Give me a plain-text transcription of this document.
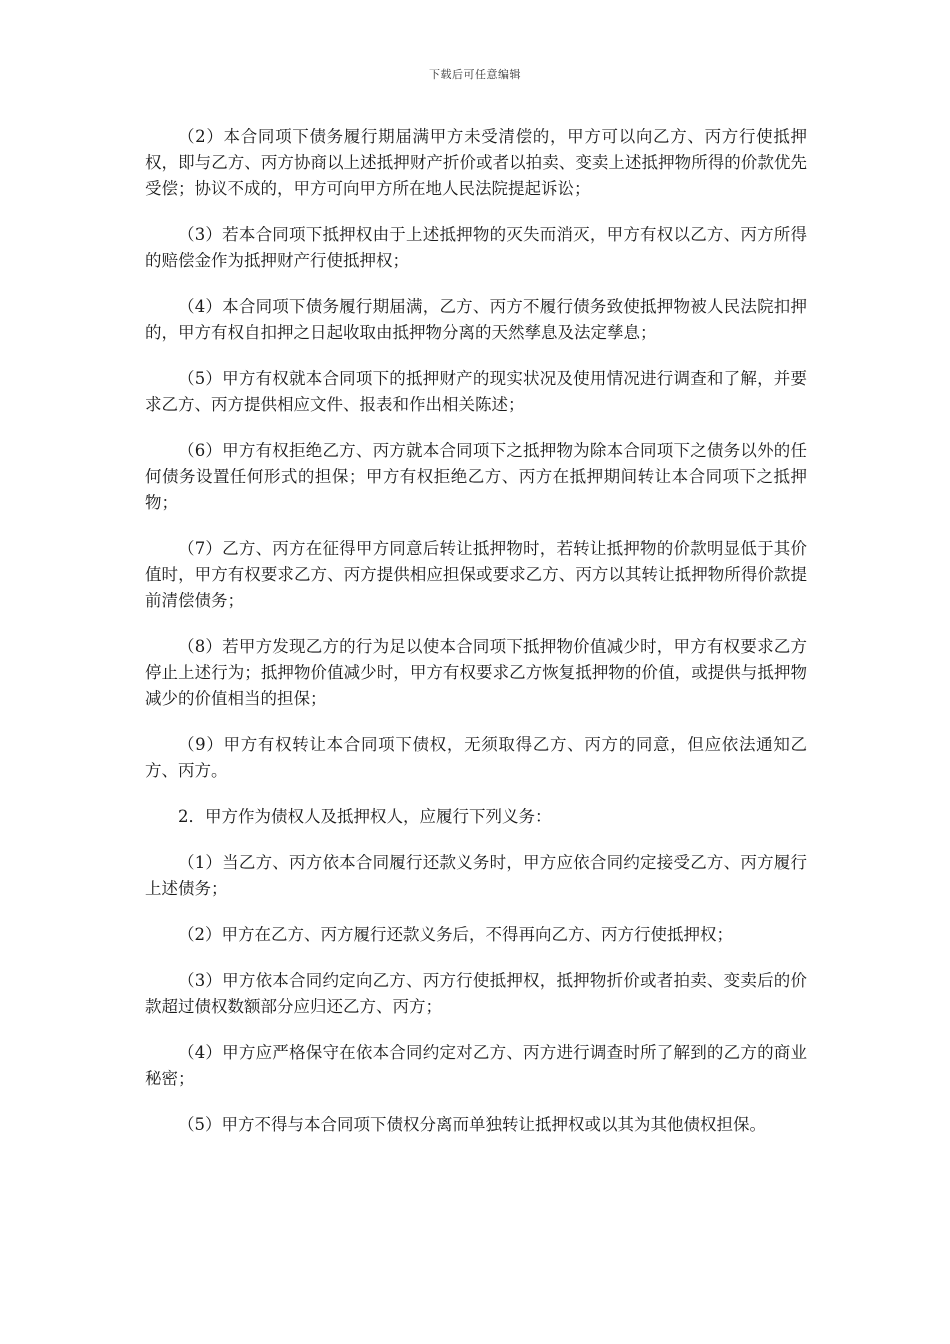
下载后可任意编辑

（2）本合同项下债务履行期届满甲方未受清偿的，甲方可以向乙方、丙方行使抵押权，即与乙方、丙方协商以上述抵押财产折价或者以拍卖、变卖上述抵押物所得的价款优先受偿；协议不成的，甲方可向甲方所在地人民法院提起诉讼；

（3）若本合同项下抵押权由于上述抵押物的灭失而消灭，甲方有权以乙方、丙方所得的赔偿金作为抵押财产行使抵押权；

（4）本合同项下债务履行期届满，乙方、丙方不履行债务致使抵押物被人民法院扣押的，甲方有权自扣押之日起收取由抵押物分离的天然孳息及法定孳息；

（5）甲方有权就本合同项下的抵押财产的现实状况及使用情况进行调查和了解，并要求乙方、丙方提供相应文件、报表和作出相关陈述；

（6）甲方有权拒绝乙方、丙方就本合同项下之抵押物为除本合同项下之债务以外的任何债务设置任何形式的担保；甲方有权拒绝乙方、丙方在抵押期间转让本合同项下之抵押物；

（7）乙方、丙方在征得甲方同意后转让抵押物时，若转让抵押物的价款明显低于其价值时，甲方有权要求乙方、丙方提供相应担保或要求乙方、丙方以其转让抵押物所得价款提前清偿债务；

（8）若甲方发现乙方的行为足以使本合同项下抵押物价值减少时，甲方有权要求乙方停止上述行为；抵押物价值减少时，甲方有权要求乙方恢复抵押物的价值，或提供与抵押物减少的价值相当的担保；

（9）甲方有权转让本合同项下债权，无须取得乙方、丙方的同意，但应依法通知乙方、丙方。

2．甲方作为债权人及抵押权人，应履行下列义务：

（1）当乙方、丙方依本合同履行还款义务时，甲方应依合同约定接受乙方、丙方履行上述债务；

（2）甲方在乙方、丙方履行还款义务后，不得再向乙方、丙方行使抵押权；

（3）甲方依本合同约定向乙方、丙方行使抵押权，抵押物折价或者拍卖、变卖后的价款超过债权数额部分应归还乙方、丙方；

（4）甲方应严格保守在依本合同约定对乙方、丙方进行调查时所了解到的乙方的商业秘密；

（5）甲方不得与本合同项下债权分离而单独转让抵押权或以其为其他债权担保。
